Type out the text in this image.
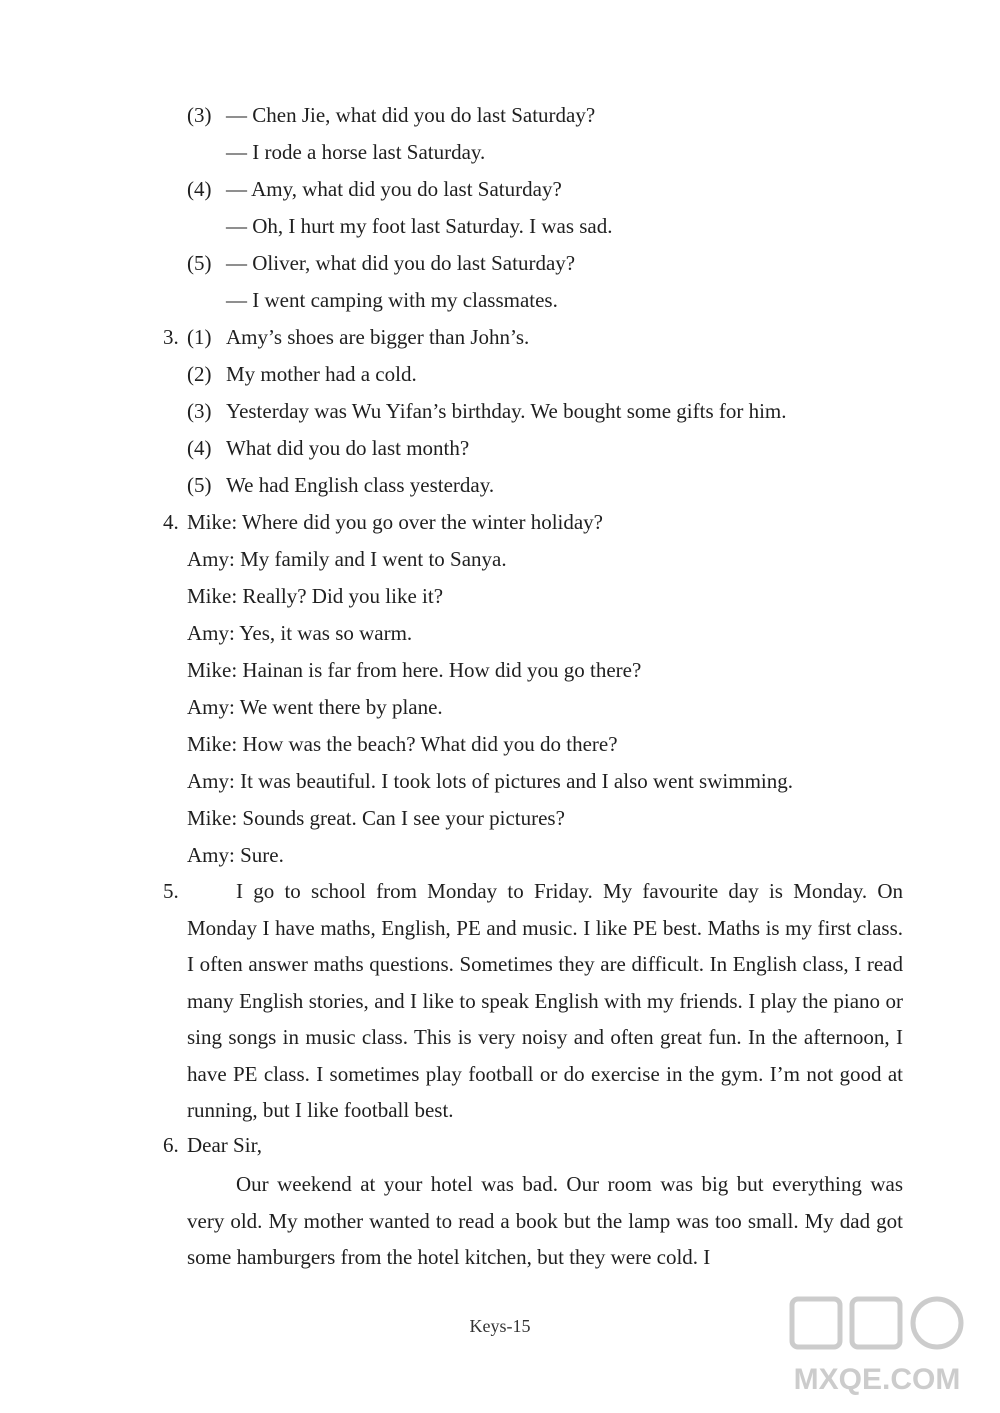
(3) — Chen Jie, what did you do last Saturday?
— I rode a horse last Saturday.
(4) — Amy, what did you do last Saturday?
— Oh, I hurt my foot last Saturday. I was sad.
(5) — Oliver, what did you do last Saturday?
— I went camping with my classmates.
3. (1) Amy’s shoes are bigger than John’s.
(2) My mother had a cold.
(3) Yesterday was Wu Yifan’s birthday. We bought some gifts for him.
(4) What did you do last month?
(5) We had English class yesterday.
4. Mike: Where did you go over the winter holiday?
Amy: My family and I went to Sanya.
Mike: Really? Did you like it?
Amy: Yes, it was so warm.
Mike: Hainan is far from here. How did you go there?
Amy: We went there by plane.
Mike: How was the beach? What did you do there?
Amy: It was beautiful. I took lots of pictures and I also went swimming.
Mike: Sounds great. Can I see your pictures?
Amy: Sure.
5.	I go to school from Monday to Friday. My favourite day is Monday. On Monday I have maths, English, PE and music. I like PE best. Maths is my first class. I often answer maths questions. Sometimes they are difficult. In English class, I read many English stories, and I like to speak English with my friends. I play the piano or sing songs in music class. This is very noisy and often great fun. In the afternoon, I have PE class. I sometimes play football or do exercise in the gym. I’m not good at running, but I like football best.
6. Dear Sir,
Our weekend at your hotel was bad. Our room was big but everything was very old. My mother wanted to read a book but the lamp was too small. My dad got some hamburgers from the hotel kitchen, but they were cold. I
Keys-15
MXQE.COM
